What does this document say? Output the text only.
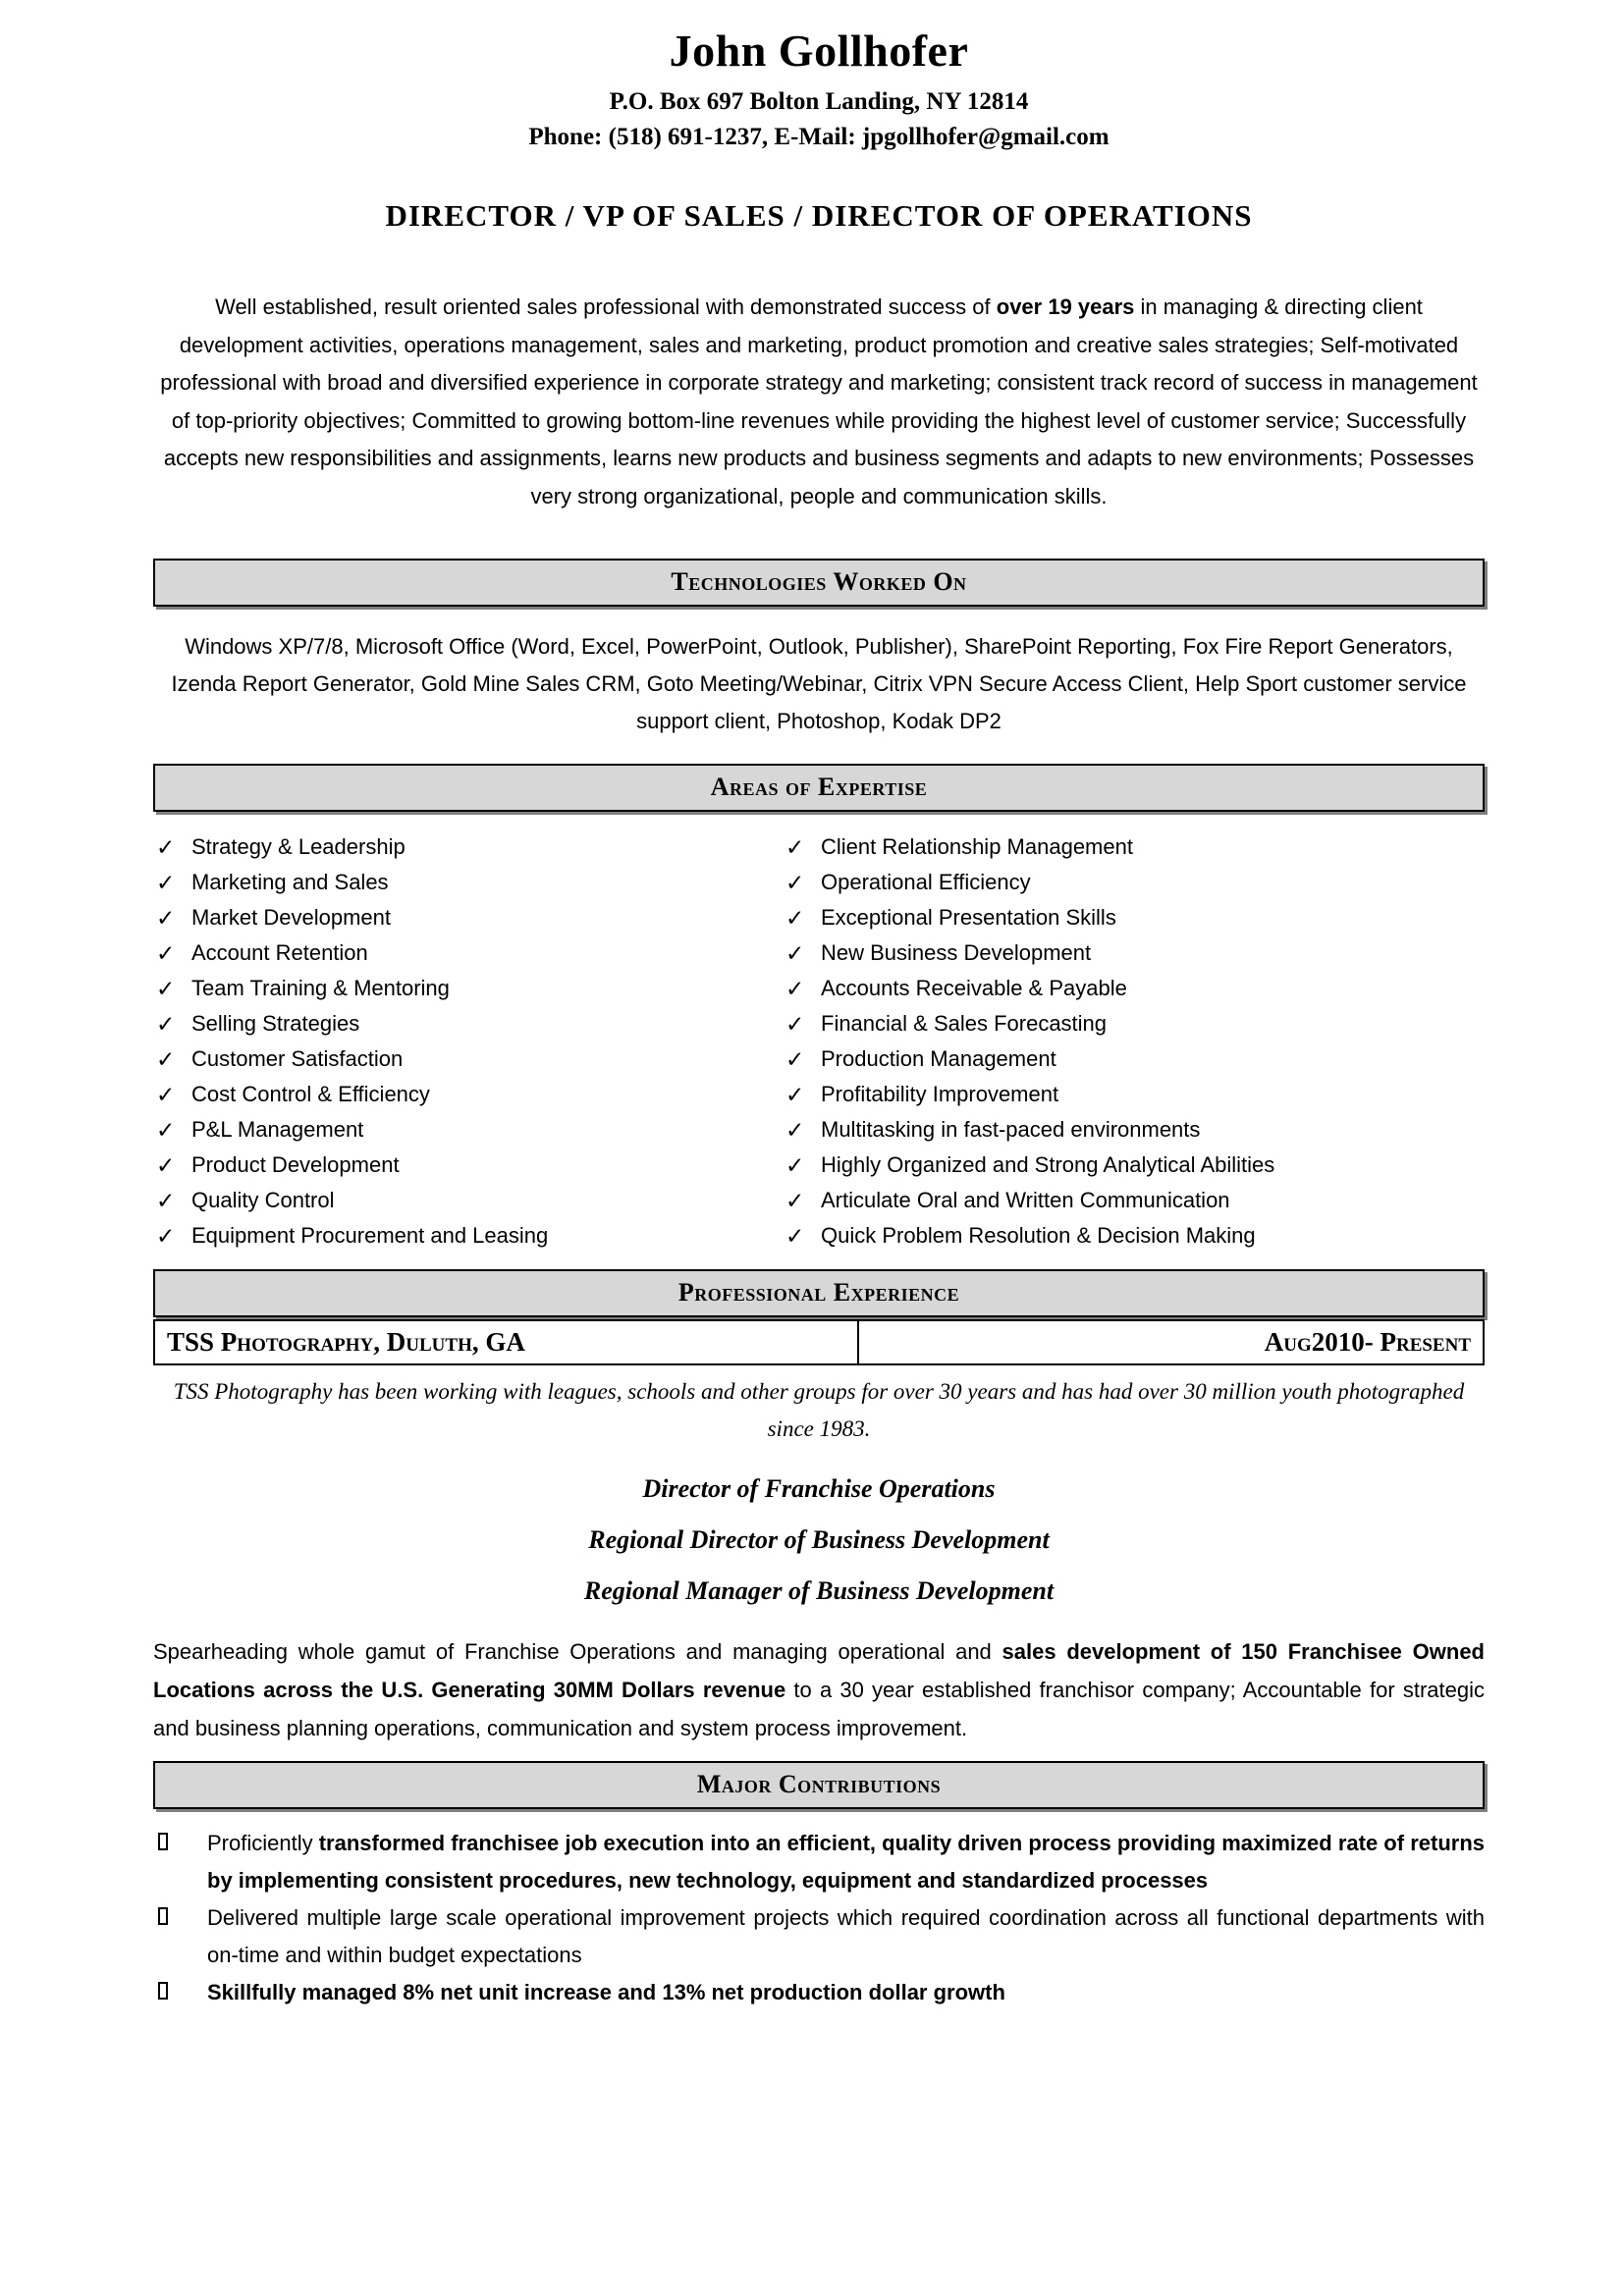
John Gollhofer
P.O. Box 697 Bolton Landing, NY 12814
Phone: (518) 691-1237, E-Mail: jpgollhofer@gmail.com
DIRECTOR / VP OF SALES / DIRECTOR OF OPERATIONS

Well established, result oriented sales professional with demonstrated success of over 19 years in managing & directing client development activities, operations management, sales and marketing, product promotion and creative sales strategies; Self-motivated professional with broad and diversified experience in corporate strategy and marketing; consistent track record of success in management of top-priority objectives; Committed to growing bottom-line revenues while providing the highest level of customer service; Successfully accepts new responsibilities and assignments, learns new products and business segments and adapts to new environments; Possesses very strong organizational, people and communication skills.

Technologies Worked On

Windows XP/7/8, Microsoft Office (Word, Excel, PowerPoint, Outlook, Publisher), SharePoint Reporting, Fox Fire Report Generators, Izenda Report Generator, Gold Mine Sales CRM, Goto Meeting/Webinar, Citrix VPN Secure Access Client, Help Sport customer service support client, Photoshop, Kodak DP2

Areas of Expertise
✓ Strategy & Leadership
✓ Marketing and Sales
✓ Market Development
✓ Account Retention
✓ Team Training & Mentoring
✓ Selling Strategies
✓ Customer Satisfaction
✓ Cost Control & Efficiency
✓ P&L Management
✓ Product Development
✓ Quality Control
✓ Equipment Procurement and Leasing
✓ Client Relationship Management
✓ Operational Efficiency
✓ Exceptional Presentation Skills
✓ New Business Development
✓ Accounts Receivable & Payable
✓ Financial & Sales Forecasting
✓ Production Management
✓ Profitability Improvement
✓ Multitasking in fast-paced environments
✓ Highly Organized and Strong Analytical Abilities
✓ Articulate Oral and Written Communication
✓ Quick Problem Resolution & Decision Making
Professional Experience
TSS Photography, Duluth, GA	Aug2010- Present

TSS Photography has been working with leagues, schools and other groups for over 30 years and has had over 30 million youth photographed since 1983.

Director of Franchise Operations
Regional Director of Business Development
Regional Manager of Business Development

Spearheading whole gamut of Franchise Operations and managing operational and sales development of 150 Franchisee Owned Locations across the U.S. Generating 30MM Dollars revenue to a 30 year established franchisor company; Accountable for strategic and business planning operations, communication and system process improvement.

Major Contributions

Proficiently transformed franchisee job execution into an efficient, quality driven process providing maximized rate of returns by implementing consistent procedures, new technology, equipment and standardized processes

Delivered multiple large scale operational improvement projects which required coordination across all functional departments with on-time and within budget expectations

Skillfully managed 8% net unit increase and 13% net production dollar growth
